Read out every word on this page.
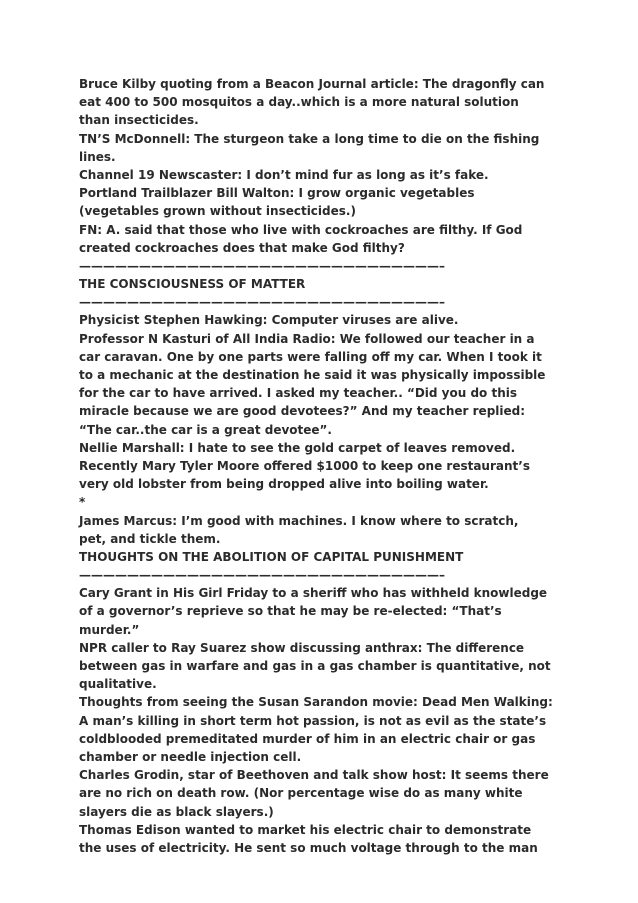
Bruce Kilby quoting from a Beacon Journal article: The dragonfly can
eat 400 to 500 mosquitos a day..which is a more natural solution
than insecticides.
TN’S McDonnell: The sturgeon take a long time to die on the fishing
lines.
Channel 19 Newscaster: I don’t mind fur as long as it’s fake.
Portland Trailblazer Bill Walton: I grow organic vegetables
(vegetables grown without insecticides.)
FN: A. said that those who live with cockroaches are filthy. If God
created cockroaches does that make God filthy?
——————————————————————————————–
THE CONSCIOUSNESS OF MATTER
——————————————————————————————–
Physicist Stephen Hawking: Computer viruses are alive.
Professor N Kasturi of All India Radio: We followed our teacher in a
car caravan. One by one parts were falling off my car. When I took it
to a mechanic at the destination he said it was physically impossible
for the car to have arrived. I asked my teacher.. “Did you do this
miracle because we are good devotees?” And my teacher replied:
“The car..the car is a great devotee”.
Nellie Marshall: I hate to see the gold carpet of leaves removed.
Recently Mary Tyler Moore offered $1000 to keep one restaurant’s
very old lobster from being dropped alive into boiling water.
*
James Marcus: I’m good with machines. I know where to scratch,
pet, and tickle them.
THOUGHTS ON THE ABOLITION OF CAPITAL PUNISHMENT
——————————————————————————————–
Cary Grant in His Girl Friday to a sheriff who has withheld knowledge
of a governor’s reprieve so that he may be re-elected: “That’s
murder.”
NPR caller to Ray Suarez show discussing anthrax: The difference
between gas in warfare and gas in a gas chamber is quantitative, not
qualitative.
Thoughts from seeing the Susan Sarandon movie: Dead Men Walking:
A man’s killing in short term hot passion, is not as evil as the state’s
coldblooded premeditated murder of him in an electric chair or gas
chamber or needle injection cell.
Charles Grodin, star of Beethoven and talk show host: It seems there
are no rich on death row. (Nor percentage wise do as many white
slayers die as black slayers.)
Thomas Edison wanted to market his electric chair to demonstrate
the uses of electricity. He sent so much voltage through to the man
